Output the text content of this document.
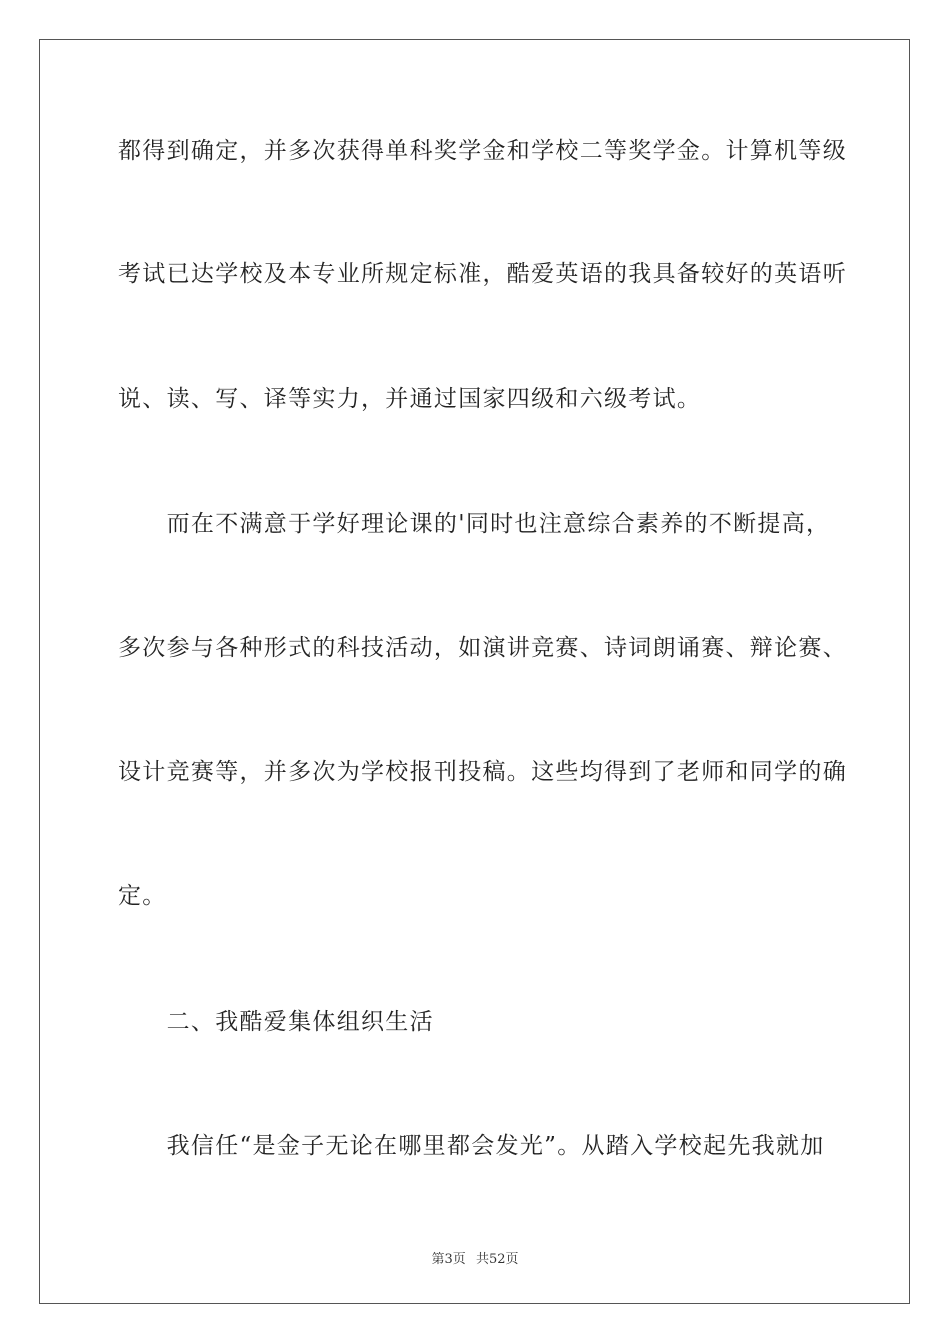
都得到确定，并多次获得单科奖学金和学校二等奖学金。计算机等级
考试已达学校及本专业所规定标准，酷爱英语的我具备较好的英语听
说、读、写、译等实力，并通过国家四级和六级考试。
　　而在不满意于学好理论课的'同时也注意综合素养的不断提高，
多次参与各种形式的科技活动，如演讲竞赛、诗词朗诵赛、辩论赛、
设计竞赛等，并多次为学校报刊投稿。这些均得到了老师和同学的确
定。
　　二、我酷爱集体组织生活
　　我信任“是金子无论在哪里都会发光”。从踏入学校起先我就加
第3页 共52页
